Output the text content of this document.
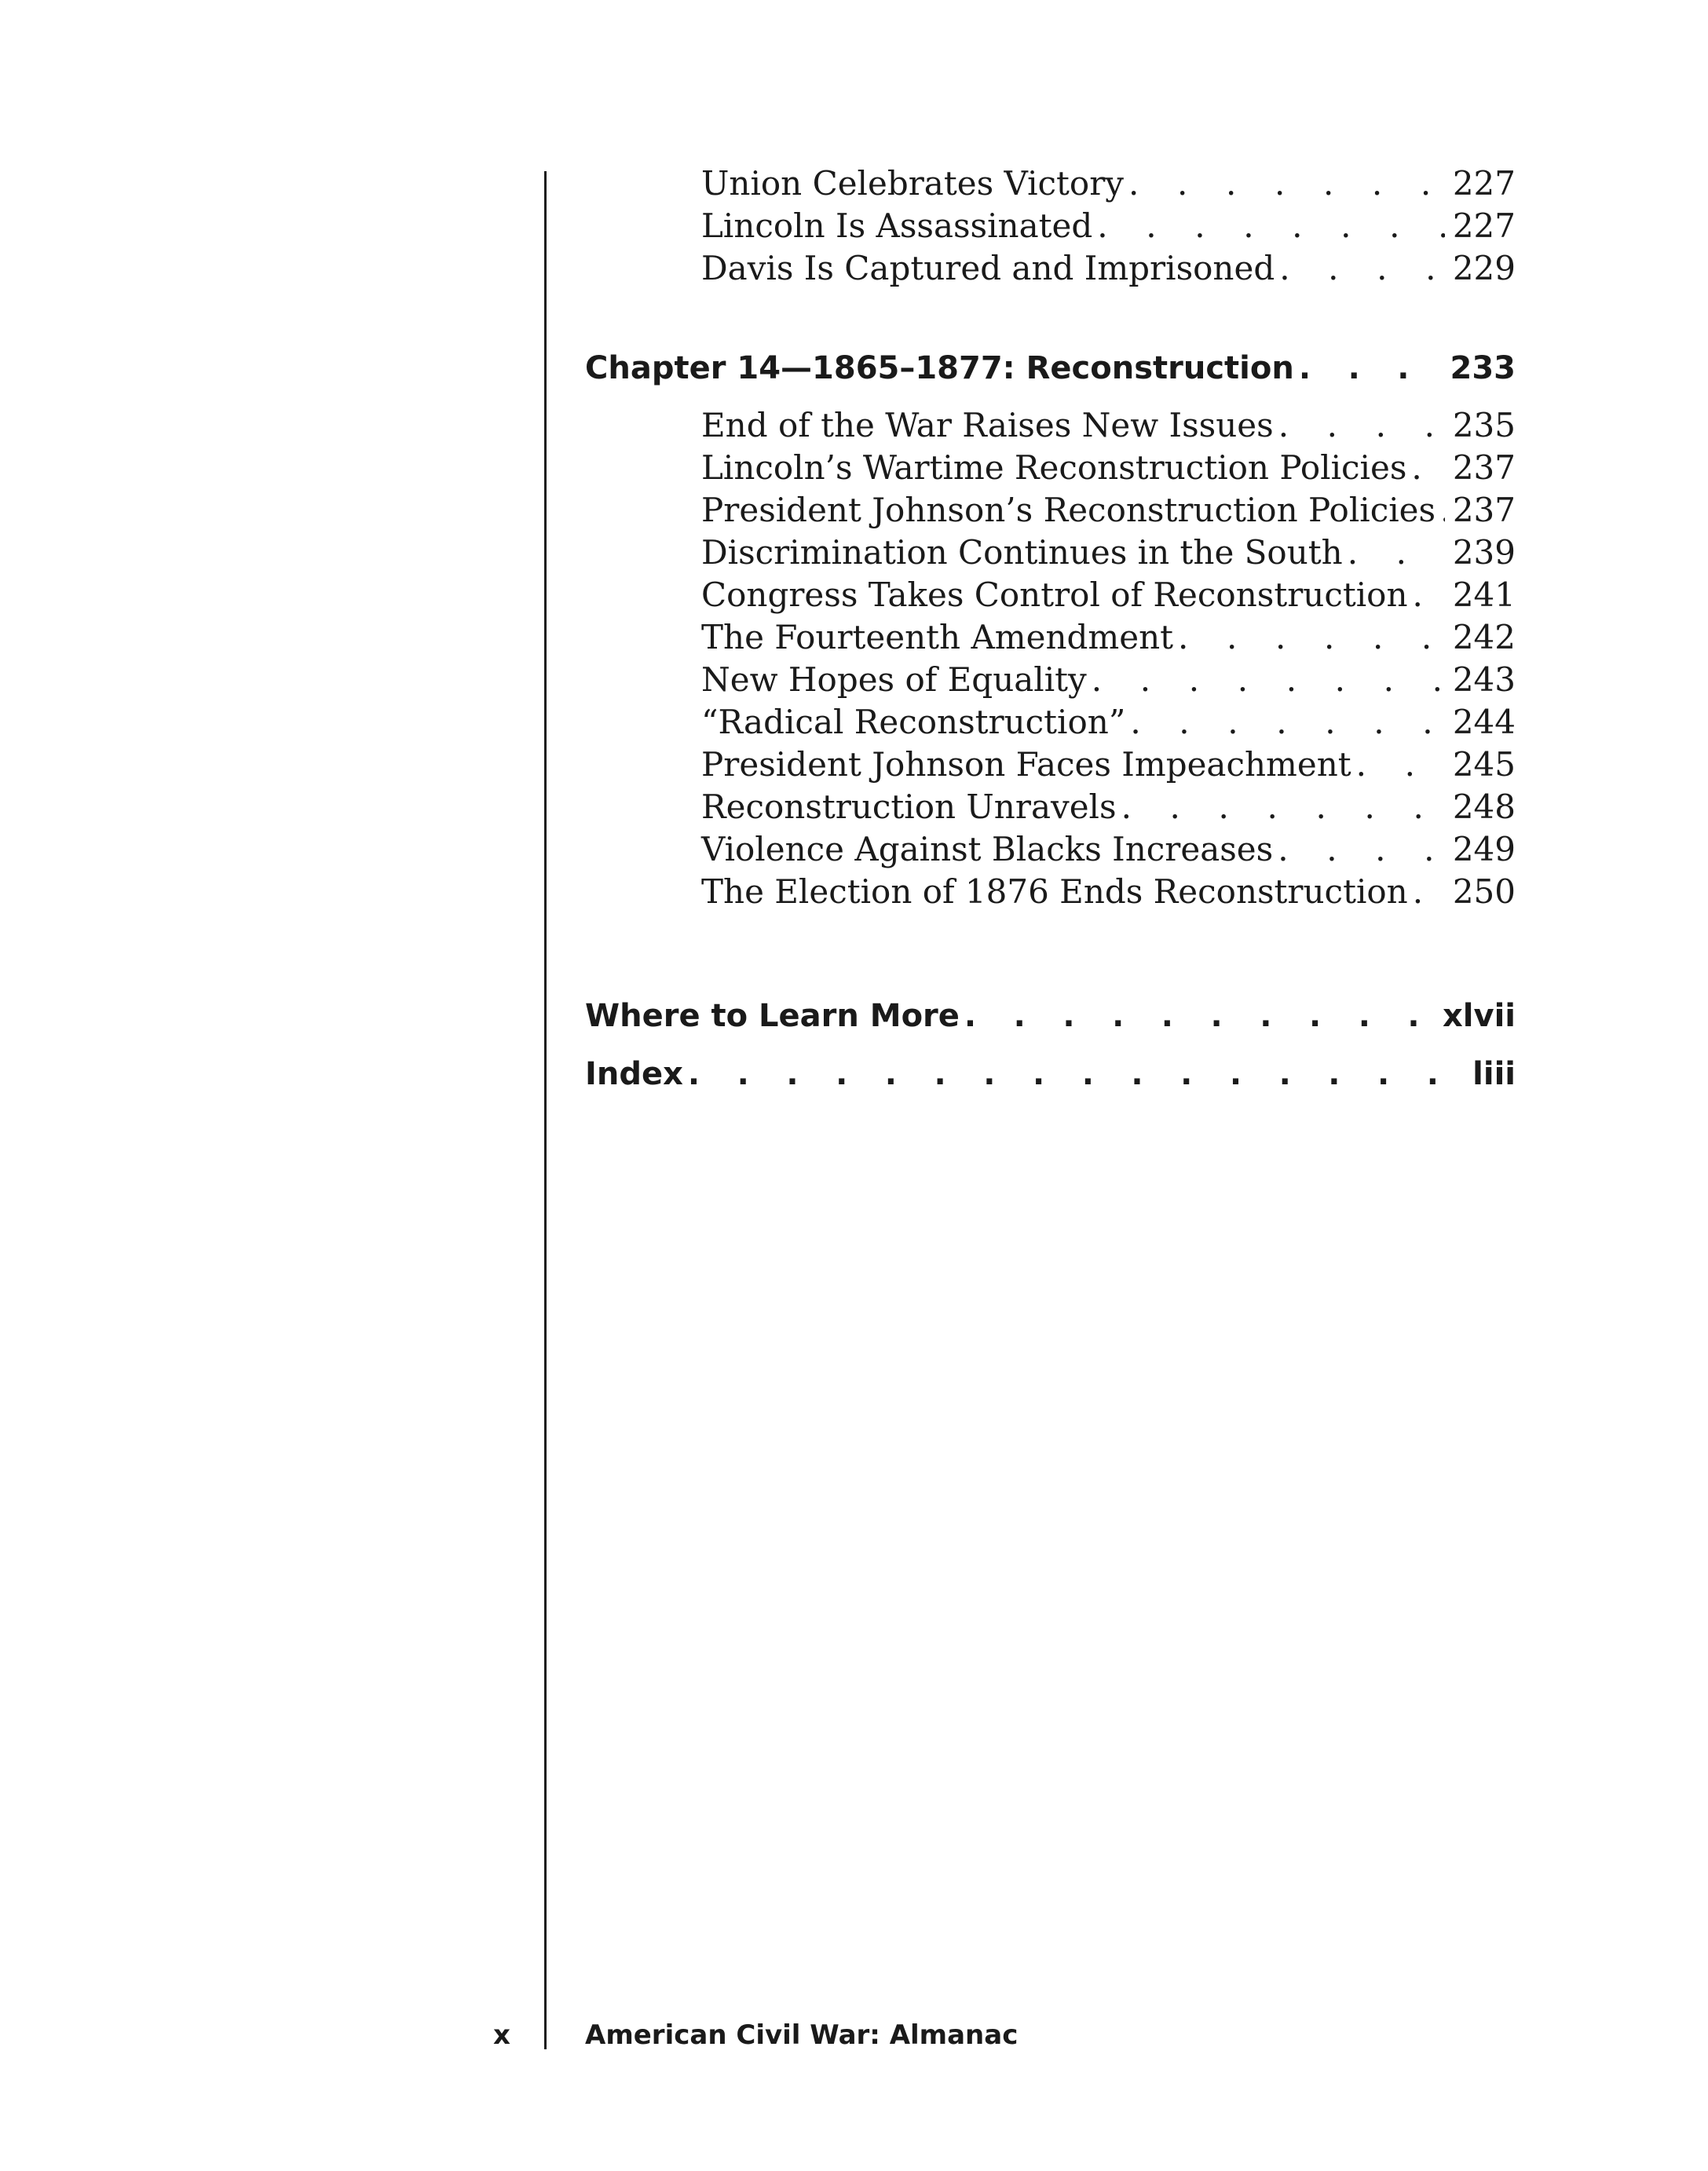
Union Celebrates Victory . . .	227
Lincoln Is Assassinated . . .	227
Davis Is Captured and Imprisoned . . .	229
Chapter 14—1865–1877: Reconstruction . . .	233
End of the War Raises New Issues . . .	235
Lincoln’s Wartime Reconstruction Policies . . . 237
President Johnson’s Reconstruction Policies . . . 237
Discrimination Continues in the South . . .	239
Congress Takes Control of Reconstruction . . . 241
The Fourteenth Amendment . . .	242
New Hopes of Equality . . .	243
“Radical Reconstruction” . . .	244
President Johnson Faces Impeachment . . .	245
Reconstruction Unravels . . .	248
Violence Against Blacks Increases . . .	249
The Election of 1876 Ends Reconstruction . . . 250
Where to Learn More . . .	xlvii
Index . . .	liii
x	American Civil War: Almanac
